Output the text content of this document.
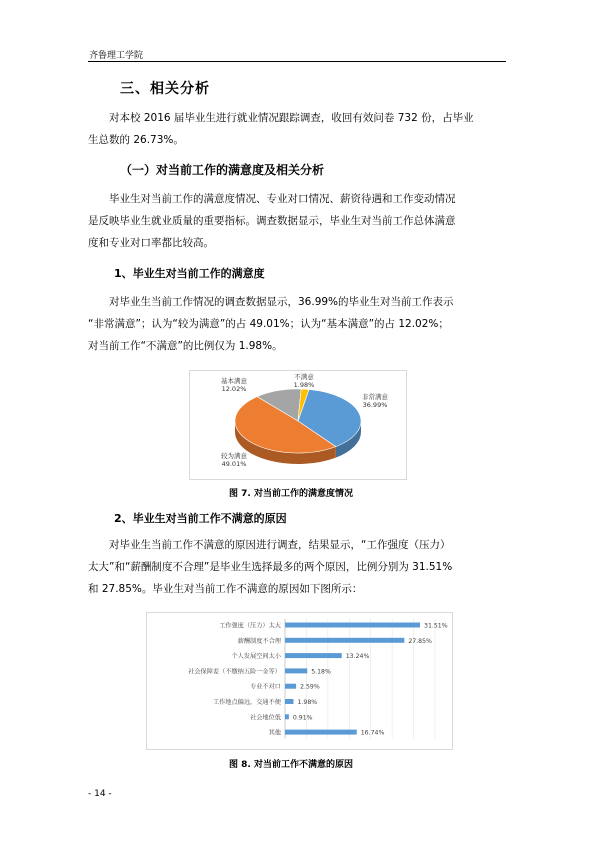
齐鲁理工学院
三、相关分析
对本校 2016 届毕业生进行就业情况跟踪调查，收回有效问卷 732 份，占毕业
生总数的 26.73%。
（一）对当前工作的满意度及相关分析
毕业生对当前工作的满意度情况、专业对口情况、薪资待遇和工作变动情况
是反映毕业生就业质量的重要指标。调查数据显示，毕业生对当前工作总体满意
度和专业对口率都比较高。
1、毕业生对当前工作的满意度
对毕业生当前工作情况的调查数据显示，36.99%的毕业生对当前工作表示
“非常满意”；认为“较为满意”的占 49.01%；认为“基本满意”的占 12.02%；
对当前工作“不满意”的比例仅为 1.98%。
非常满意
36.99%
较为满意
49.01%
基本满意
12.02%
不满意
1.98%
图 7. 对当前工作的满意度情况
2、毕业生对当前工作不满意的原因
对毕业生当前工作不满意的原因进行调查，结果显示，“工作强度（压力）
太大”和“薪酬制度不合理”是毕业生选择最多的两个原因，比例分别为 31.51%
和 27.85%。毕业生对当前工作不满意的原因如下图所示：
工作强度（压力）太大	31.51%
薪酬制度不合理	27.85%
个人发展空间太小	13.24%
社会保障差（不缴纳五险一金等）	5.18%
专业不对口	2.59%
工作地点偏远，交通不便	1.98%
社会地位低 0.91%
其他	16.74%
图 8. 对当前工作不满意的原因
- 14 -
